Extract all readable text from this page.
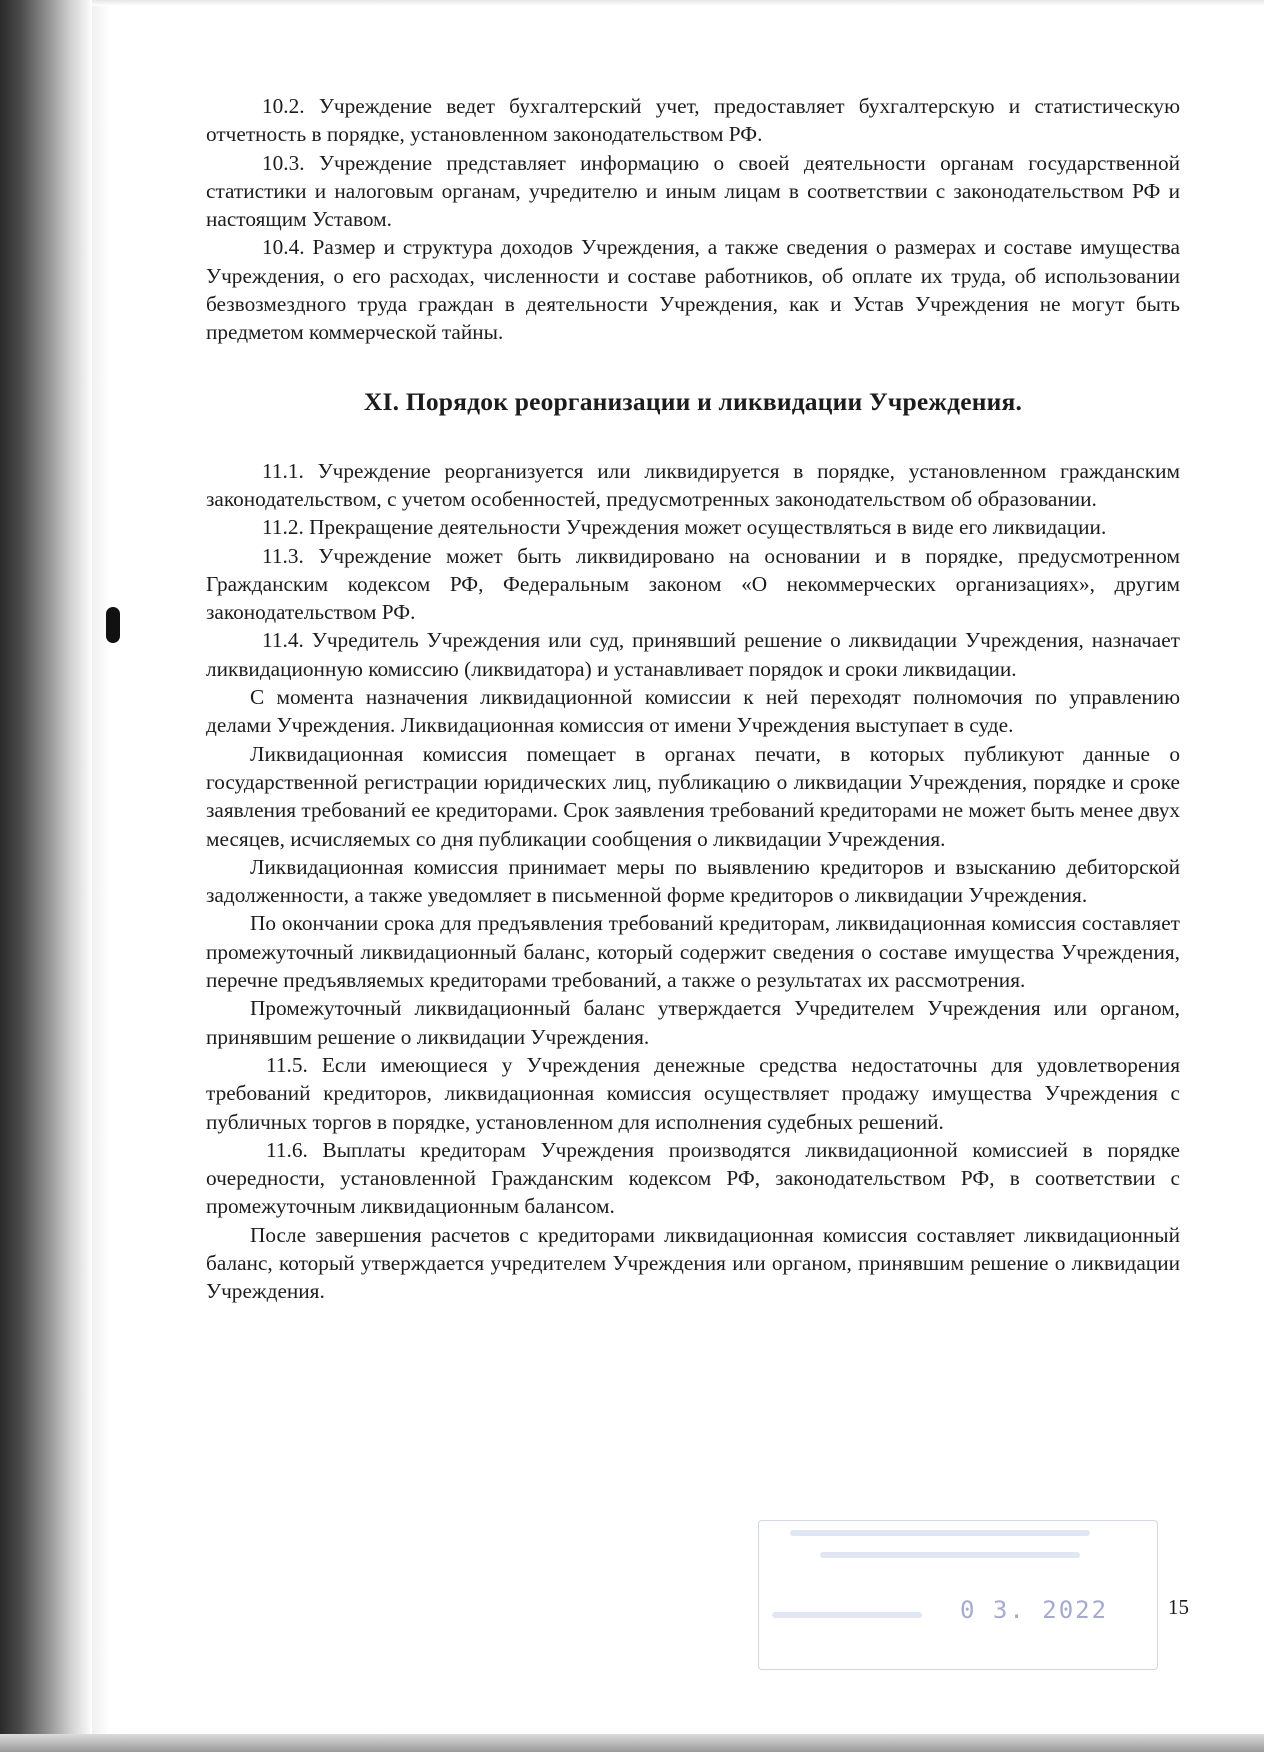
10.2. Учреждение ведет бухгалтерский учет, предоставляет бухгалтерскую и статистическую отчетность в порядке, установленном законодательством РФ.

10.3. Учреждение представляет информацию о своей деятельности органам государственной статистики и налоговым органам, учредителю и иным лицам в соответствии с законодательством РФ и настоящим Уставом.

10.4. Размер и структура доходов Учреждения, а также сведения о размерах и составе имущества Учреждения, о его расходах, численности и составе работников, об оплате их труда, об использовании безвозмездного труда граждан в деятельности Учреждения, как и Устав Учреждения не могут быть предметом коммерческой тайны.

XI. Порядок реорганизации и ликвидации Учреждения.

11.1. Учреждение реорганизуется или ликвидируется в порядке, установленном гражданским законодательством, с учетом особенностей, предусмотренных законодательством об образовании.

11.2. Прекращение деятельности Учреждения может осуществляться в виде его ликвидации.

11.3. Учреждение может быть ликвидировано на основании и в порядке, предусмотренном Гражданским кодексом РФ, Федеральным законом «О некоммерческих организациях», другим законодательством РФ.

11.4. Учредитель Учреждения или суд, принявший решение о ликвидации Учреждения, назначает ликвидационную комиссию (ликвидатора) и устанавливает порядок и сроки ликвидации.

С момента назначения ликвидационной комиссии к ней переходят полномочия по управлению делами Учреждения. Ликвидационная комиссия от имени Учреждения выступает в суде.

Ликвидационная комиссия помещает в органах печати, в которых публикуют данные о государственной регистрации юридических лиц, публикацию о ликвидации Учреждения, порядке и сроке заявления требований ее кредиторами. Срок заявления требований кредиторами не может быть менее двух месяцев, исчисляемых со дня публикации сообщения о ликвидации Учреждения.

Ликвидационная комиссия принимает меры по выявлению кредиторов и взысканию дебиторской задолженности, а также уведомляет в письменной форме кредиторов о ликвидации Учреждения.

По окончании срока для предъявления требований кредиторам, ликвидационная комиссия составляет промежуточный ликвидационный баланс, который содержит сведения о составе имущества Учреждения, перечне предъявляемых кредиторами требований, а также о результатах их рассмотрения.

Промежуточный ликвидационный баланс утверждается Учредителем Учреждения или органом, принявшим решение о ликвидации Учреждения.

11.5. Если имеющиеся у Учреждения денежные средства недостаточны для удовлетворения требований кредиторов, ликвидационная комиссия осуществляет продажу имущества Учреждения с публичных торгов в порядке, установленном для исполнения судебных решений.

11.6. Выплаты кредиторам Учреждения производятся ликвидационной комиссией в порядке очередности, установленной Гражданским кодексом РФ, законодательством РФ, в соответствии с промежуточным ликвидационным балансом.

После завершения расчетов с кредиторами ликвидационная комиссия составляет ликвидационный баланс, который утверждается учредителем Учреждения или органом, принявшим решение о ликвидации Учреждения.

0 3. 2022	15
